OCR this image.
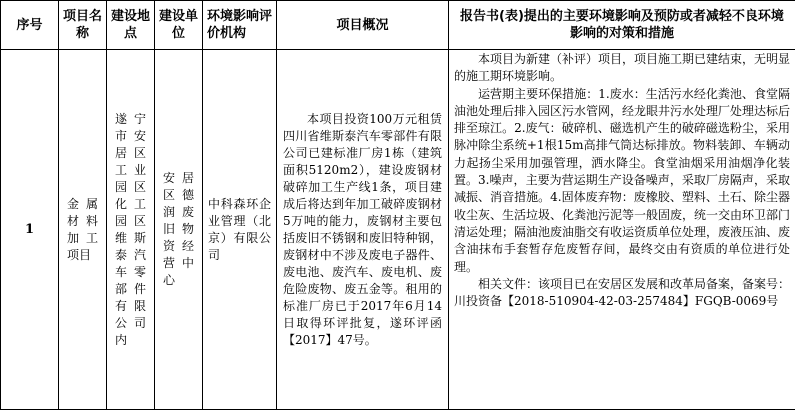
序号	项目名称	建设地点	建设单位	环境影响评价机构	项目概况	报告书(表)提出的主要环境影响及预防或者减轻不良环境影响的对策和措施
1	金属材料加工项目	遂宁市安居区工业园区化工园区维斯泰汽车零部件有限公司内	安居区德润废旧物资经营中心	中科森环企业管理（北京）有限公司	本项目投资100万元租赁四川省维斯泰汽车零部件有限公司已建标准厂房1栋（建筑面积5120m2），建设废钢材破碎加工生产线1条，项目建成后将达到年加工破碎废钢材5万吨的能力，废钢材主要包括废旧不锈钢和废旧特种钢，废钢材中不涉及废电子器件、废电池、废汽车、废电机、废危险废物、废五金等。租用的标准厂房已于2017年6月14日取得环评批复，遂环评函【2017】47号。	本项目为新建（补评）项目，项目施工期已建结束，无明显的施工期环境影响。

运营期主要环保措施：1.废水：生活污水经化粪池、食堂隔油池处理后排入园区污水管网，经龙眼井污水处理厂处理达标后排至琼江。2.废气：破碎机、磁选机产生的破碎磁选粉尘，采用脉冲除尘系统+1根15m高排气筒达标排放。物料装卸、车辆动力起扬尘采用加强管理，洒水降尘。食堂油烟采用油烟净化装置。3.噪声，主要为营运期生产设备噪声，采取厂房隔声，采取减振、消音措施。4.固体废弃物：废橡胶、塑料、土石、除尘器收尘灰、生活垃圾、化粪池污泥等一般固废，统一交由环卫部门清运处理；隔油池废油脂交有收运资质单位处理，废液压油、废含油抹布手套暂存危废暂存间，最终交由有资质的单位进行处理。

相关文件：该项目已在安居区发展和改革局备案，备案号：川投资备【2018-510904-42-03-257484】FGQB-0069号
